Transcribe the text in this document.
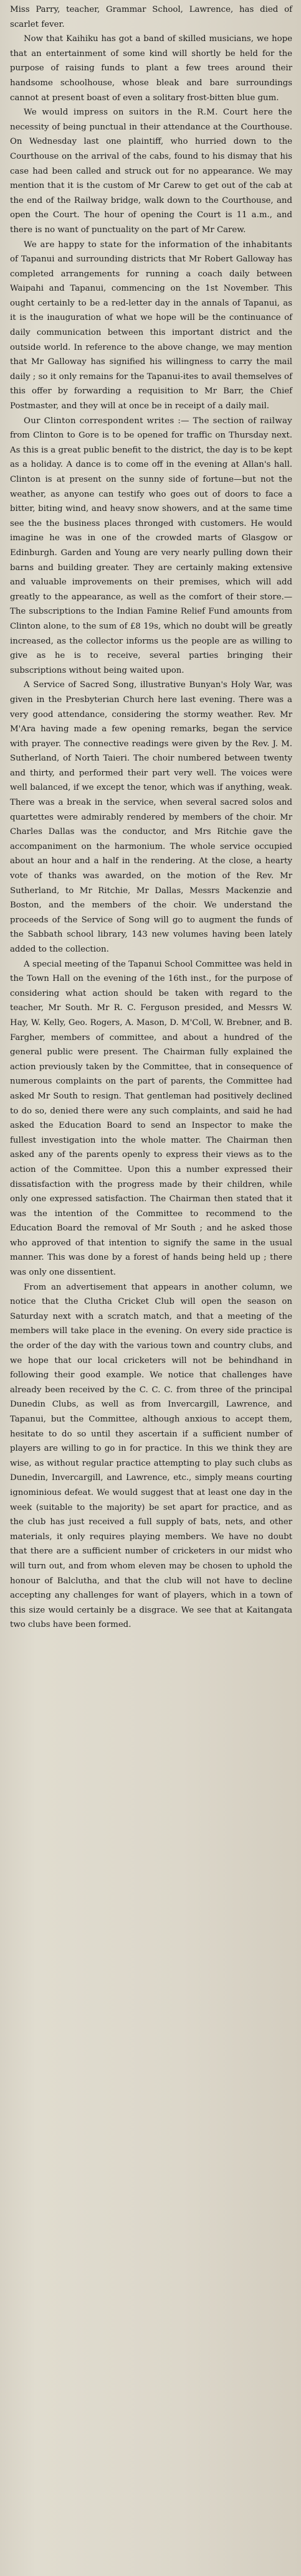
Miss Parry, teacher, Grammar School, Lawrence, has died of scarlet fever.

Now that Kaihiku has got a band of skilled musicians, we hope that an entertainment of some kind will shortly be held for the purpose of raising funds to plant a few trees around their handsome schoolhouse, whose bleak and bare surroundings cannot at present boast of even a solitary frost-bitten blue gum.

We would impress on suitors in the R.M. Court here the necessity of being punctual in their attendance at the Courthouse. On Wednesday last one plaintiff, who hurried down to the Courthouse on the arrival of the cabs, found to his dismay that his case had been called and struck out for no appearance. We may mention that it is the custom of Mr Carew to get out of the cab at the end of the Railway bridge, walk down to the Courthouse, and open the Court. The hour of opening the Court is 11 a.m., and there is no want of punctuality on the part of Mr Carew.

We are happy to state for the information of the inhabitants of Tapanui and surrounding districts that Mr Robert Galloway has completed arrangements for running a coach daily between Waipahi and Tapanui, commencing on the 1st November. This ought certainly to be a red-letter day in the annals of Tapanui, as it is the inauguration of what we hope will be the continuance of daily communication between this important district and the outside world. In reference to the above change, we may mention that Mr Galloway has signified his willingness to carry the mail daily ; so it only remains for the Tapanui-ites to avail themselves of this offer by forwarding a requisition to Mr Barr, the Chief Postmaster, and they will at once be in receipt of a daily mail.

Our Clinton correspondent writes :— The section of railway from Clinton to Gore is to be opened for traffic on Thursday next. As this is a great public benefit to the district, the day is to be kept as a holiday. A dance is to come off in the evening at Allan's hall. Clinton is at present on the sunny side of fortune—but not the weather, as anyone can testify who goes out of doors to face a bitter, biting wind, and heavy snow showers, and at the same time see the the business places thronged with customers. He would imagine he was in one of the crowded marts of Glasgow or Edinburgh. Garden and Young are very nearly pulling down their barns and building greater. They are certainly making extensive and valuable improvements on their premises, which will add greatly to the appearance, as well as the comfort of their store.—The subscriptions to the Indian Famine Relief Fund amounts from Clinton alone, to the sum of £8 19s, which no doubt will be greatly increased, as the collector informs us the people are as willing to give as he is to receive, several parties bringing their subscriptions without being waited upon.

A Service of Sacred Song, illustrative Bunyan's Holy War, was given in the Presbyterian Church here last evening. There was a very good attendance, considering the stormy weather. Rev. Mr M'Ara having made a few opening remarks, began the service with prayer. The connective readings were given by the Rev. J. M. Sutherland, of North Taieri. The choir numbered between twenty and thirty, and performed their part very well. The voices were well balanced, if we except the tenor, which was if anything, weak. There was a break in the service, when several sacred solos and quartettes were admirably rendered by members of the choir. Mr Charles Dallas was the conductor, and Mrs Ritchie gave the accompaniment on the harmonium. The whole service occupied about an hour and a half in the rendering. At the close, a hearty vote of thanks was awarded, on the motion of the Rev. Mr Sutherland, to Mr Ritchie, Mr Dallas, Messrs Mackenzie and Boston, and the members of the choir. We understand the proceeds of the Service of Song will go to augment the funds of the Sabbath school library, 143 new volumes having been lately added to the collection.

A special meeting of the Tapanui School Committee was held in the Town Hall on the evening of the 16th inst., for the purpose of considering what action should be taken with regard to the teacher, Mr South. Mr R. C. Ferguson presided, and Messrs W. Hay, W. Kelly, Geo. Rogers, A. Mason, D. M'Coll, W. Brebner, and B. Fargher, members of committee, and about a hundred of the general public were present. The Chairman fully explained the action previously taken by the Committee, that in consequence of numerous complaints on the part of parents, the Committee had asked Mr South to resign. That gentleman had positively declined to do so, denied there were any such complaints, and said he had asked the Education Board to send an Inspector to make the fullest investigation into the whole matter. The Chairman then asked any of the parents openly to express their views as to the action of the Committee. Upon this a number expressed their dissatisfaction with the progress made by their children, while only one expressed satisfaction. The Chairman then stated that it was the intention of the Committee to recommend to the Education Board the removal of Mr South ; and he asked those who approved of that intention to signify the same in the usual manner. This was done by a forest of hands being held up ; there was only one dissentient.

From an advertisement that appears in another column, we notice that the Clutha Cricket Club will open the season on Saturday next with a scratch match, and that a meeting of the members will take place in the evening. On every side practice is the order of the day with the various town and country clubs, and we hope that our local cricketers will not be behindhand in following their good example. We notice that challenges have already been received by the C. C. C. from three of the principal Dunedin Clubs, as well as from Invercargill, Lawrence, and Tapanui, but the Committee, although anxious to accept them, hesitate to do so until they ascertain if a sufficient number of players are willing to go in for practice. In this we think they are wise, as without regular practice attempting to play such clubs as Dunedin, Invercargill, and Lawrence, etc., simply means courting ignominious defeat. We would suggest that at least one day in the week (suitable to the majority) be set apart for practice, and as the club has just received a full supply of bats, nets, and other materials, it only requires playing members. We have no doubt that there are a sufficient number of cricketers in our midst who will turn out, and from whom eleven may be chosen to uphold the honour of Balclutha, and that the club will not have to decline accepting any challenges for want of players, which in a town of this size would certainly be a disgrace. We see that at Kaitangata two clubs have been formed.
